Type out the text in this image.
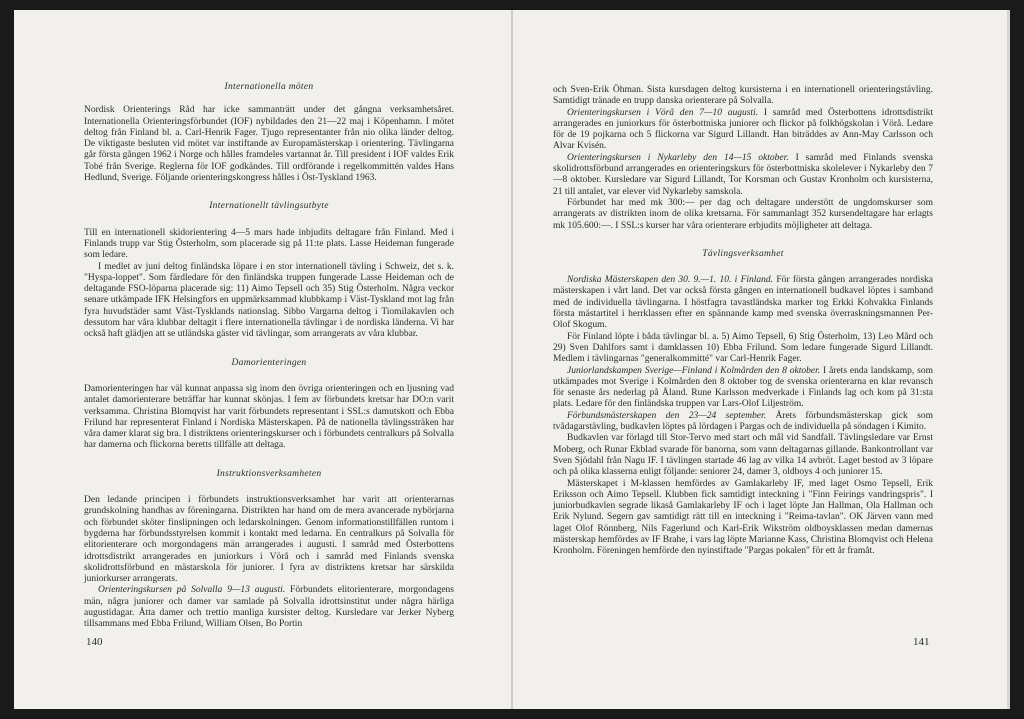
Internationella möten

Nordisk Orienterings Råd har icke sammanträtt under det gångna verksamhetsåret. Internationella Orienteringsförbundet (IOF) nybildades den 21—22 maj i Köpenhamn. I mötet deltog från Finland bl. a. Carl-Henrik Fager. Tjugo representanter från nio olika länder deltog. De viktigaste besluten vid mötet var instiftande av Europamästerskap i orientering. Tävlingarna går första gången 1962 i Norge och hålles framdeles vartannat år. Till president i IOF valdes Erik Tobé från Sverige. Reglerna för IOF godkändes. Till ordförande i regelkommittén valdes Hans Hedlund, Sverige. Följande orienteringskongress hålles i Öst-Tyskland 1963.

Internationellt tävlingsutbyte

Till en internationell skidorientering 4—5 mars hade inbjudits deltagare från Finland. Med i Finlands trupp var Stig Österholm, som placerade sig på 11:te plats. Lasse Heideman fungerade som ledare.

I medlet av juni deltog finländska löpare i en stor internationell tävling i Schweiz, det s. k. "Hyspa-loppet". Som färdledare för den finländska truppen fungerade Lasse Heideman och de deltagande FSO-löparna placerade sig: 11) Aimo Tepsell och 35) Stig Österholm. Några veckor senare utkämpade IFK Helsingfors en uppmärksammad klubbkamp i Väst-Tyskland mot lag från fyra huvudstäder samt Väst-Tysklands nationslag. Sibbo Vargarna deltog i Tiomilakavlen och dessutom har våra klubbar deltagit i flere internationella tävlingar i de nordiska länderna. Vi har också haft glädjen att se utländska gäster vid tävlingar, som arrangerats av våra klubbar.

Damorienteringen

Damorienteringen har väl kunnat anpassa sig inom den övriga orienteringen och en ljusning vad antalet damorienterare beträffar har kunnat skönjas. I fem av förbundets kretsar har DO:n varit verksamma. Christina Blomqvist har varit förbundets representant i SSL:s damutskott och Ebba Frilund har representerat Finland i Nordiska Mästerskapen. På de nationella tävlingssträken har våra damer klarat sig bra. I distriktens orienteringskurser och i förbundets centralkurs på Solvalla har damerna och flickorna beretts tillfälle att deltaga.

Instruktionsverksamheten

Den ledande principen i förbundets instruktionsverksamhet har varit att orienterarnas grundskolning handhas av föreningarna. Distrikten har hand om de mera avancerade nybörjarna och förbundet sköter finslipningen och ledarskolningen. Genom informationstillfällen runtom i bygderna har förbundsstyrelsen kommit i kontakt med ledarna. En centralkurs på Solvalla för elitorienterare och morgondagens män arrangerades i augusti. I samråd med Österbottens idrottsdistrikt arrangerades en juniorkurs i Vörå och i samråd med Finlands svenska skolidrottsförbund en mästarskola för juniorer. I fyra av distriktens kretsar har särskilda juniorkurser arrangerats.

Orienteringskursen på Solvalla 9—13 augusti. Förbundets elitorienterare, morgondagens män, några juniorer och damer var samlade på Solvalla idrottsinstitut under några härliga augustidagar. Åtta damer och trettio manliga kursister deltog. Kursledare var Jerker Nyberg tillsammans med Ebba Frilund, William Olsen, Bo Portin

140

och Sven-Erik Öhman. Sista kursdagen deltog kursisterna i en internationell orienteringstävling. Samtidigt tränade en trupp danska orienterare på Solvalla.

Orienteringskursen i Vörå den 7—10 augusti. I samråd med Österbottens idrottsdistrikt arrangerades en juniorkurs för österbottniska juniorer och flickor på folkhögskolan i Vörå. Ledare för de 19 pojkarna och 5 flickorna var Sigurd Lillandt. Han biträddes av Ann-May Carlsson och Alvar Kvisén.

Orienteringskursen i Nykarleby den 14—15 oktober. I samråd med Finlands svenska skolidrottsförbund arrangerades en orienteringskurs för österbottniska skolelever i Nykarleby den 7—8 oktober. Kursledare var Sigurd Lillandt, Tor Korsman och Gustav Kronholm och kursisterna, 21 till antalet, var elever vid Nykarleby samskola.

Förbundet har med mk 300:— per dag och deltagare understött de ungdomskurser som arrangerats av distrikten inom de olika kretsarna. För sammanlagt 352 kursendeltagare har erlagts mk 105.600:—. I SSL:s kurser har våra orienterare erbjudits möjligheter att deltaga.

Tävlingsverksamhet

Nordiska Mästerskapen den 30. 9.—1. 10. i Finland. För första gången arrangerades nordiska mästerskapen i vårt land. Det var också första gången en internationell budkavel löptes i samband med de individuella tävlingarna. I höstfagra tavastländska marker tog Erkki Kohvakka Finlands första mästartitel i herrklassen efter en spännande kamp med svenska överraskningsmannen Per-Olof Skogum.

För Finland löpte i båda tävlingar bl. a. 5) Aimo Tepsell, 6) Stig Österholm, 13) Leo Mård och 29) Sven Dahlfors samt i damklassen 10) Ebba Frilund. Som ledare fungerade Sigurd Lillandt. Medlem i tävlingarnas "generalkommitté" var Carl-Henrik Fager.

Juniorlandskampen Sverige—Finland i Kolmården den 8 oktober. I årets enda landskamp, som utkämpades mot Sverige i Kolmården den 8 oktober tog de svenska orienterarna en klar revansch för senaste års nederlag på Åland. Rune Karlsson medverkade i Finlands lag och kom på 31:sta plats. Ledare för den finländska truppen var Lars-Olof Liljeström.

Förbundsmästerskapen den 23—24 september. Årets förbundsmästerskap gick som tvådagarstävling, budkavlen löptes på lördagen i Pargas och de individuella på söndagen i Kimito.

Budkavlen var förlagd till Stor-Tervo med start och mål vid Sandfall. Tävlingsledare var Ernst Moberg, och Runar Ekblad svarade för banorna, som vann deltagarnas gillande. Bankontrollant var Sven Sjödahl från Nagu IF. I tävlingen startade 46 lag av vilka 14 avbröt. Laget bestod av 3 löpare och på olika klasserna enligt följande: seniorer 24, damer 3, oldboys 4 och juniorer 15.

Mästerskapet i M-klassen hemfördes av Gamlakarleby IF, med laget Osmo Tepsell, Erik Eriksson och Aimo Tepsell. Klubben fick samtidigt inteckning i "Finn Feirings vandringspris". I juniorbudkavlen segrade likaså Gamlakarleby IF och i laget löpte Jan Hallman, Ola Hallman och Erik Nylund. Segern gav samtidigt rätt till en inteckning i "Reima-tavlan". OK Järven vann med laget Olof Rönnberg, Nils Fagerlund och Karl-Erik Wikström oldboysklassen medan damernas mästerskap hemfördes av IF Brahe, i vars lag löpte Marianne Kass, Christina Blomqvist och Helena Kronholm. Föreningen hemförde den nyinstiftade "Pargas pokalen" för ett år framåt.

141
